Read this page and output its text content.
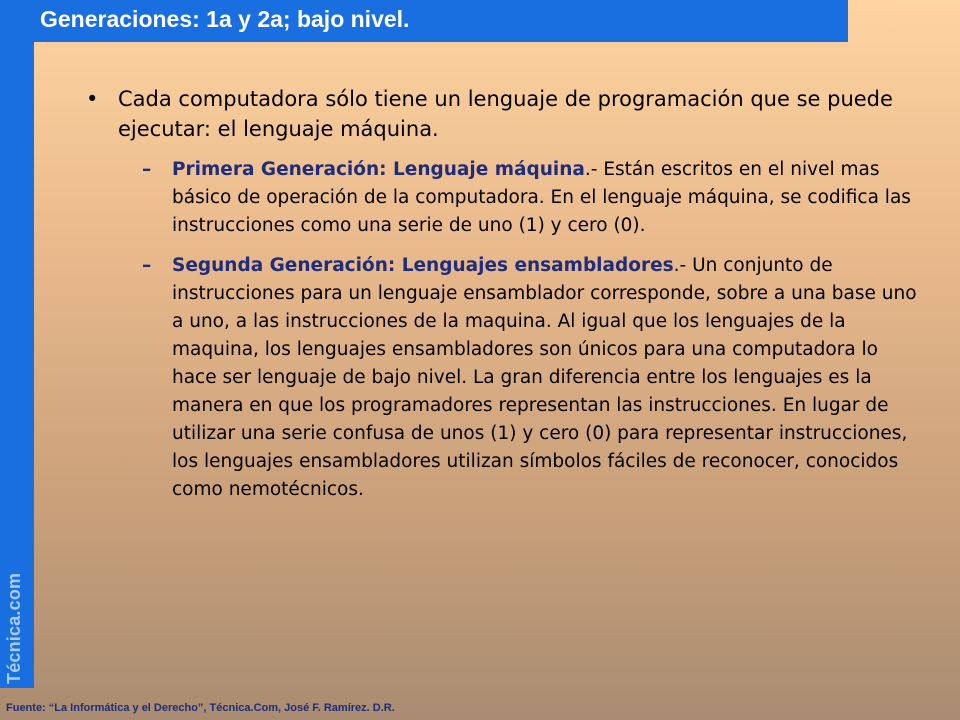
Generaciones: 1a y 2a; bajo nivel.
Técnica.com
• Cada computadora sólo tiene un lenguaje de programación que se puede ejecutar: el lenguaje máquina.
– Primera Generación: Lenguaje máquina.- Están escritos en el nivel mas básico de operación de la computadora. En el lenguaje máquina, se codifica las instrucciones como una serie de uno (1) y cero (0).
– Segunda Generación: Lenguajes ensambladores.- Un conjunto de instrucciones para un lenguaje ensamblador corresponde, sobre a una base uno a uno, a las instrucciones de la maquina. Al igual que los lenguajes de la maquina, los lenguajes ensambladores son únicos para una computadora lo hace ser lenguaje de bajo nivel. La gran diferencia entre los lenguajes es la manera en que los programadores representan las instrucciones. En lugar de utilizar una serie confusa de unos (1) y cero (0) para representar instrucciones, los lenguajes ensambladores utilizan símbolos fáciles de reconocer, conocidos como nemotécnicos.
Fuente: “La Informática y el Derecho”, Técnica.Com, José F. Ramírez. D.R.
